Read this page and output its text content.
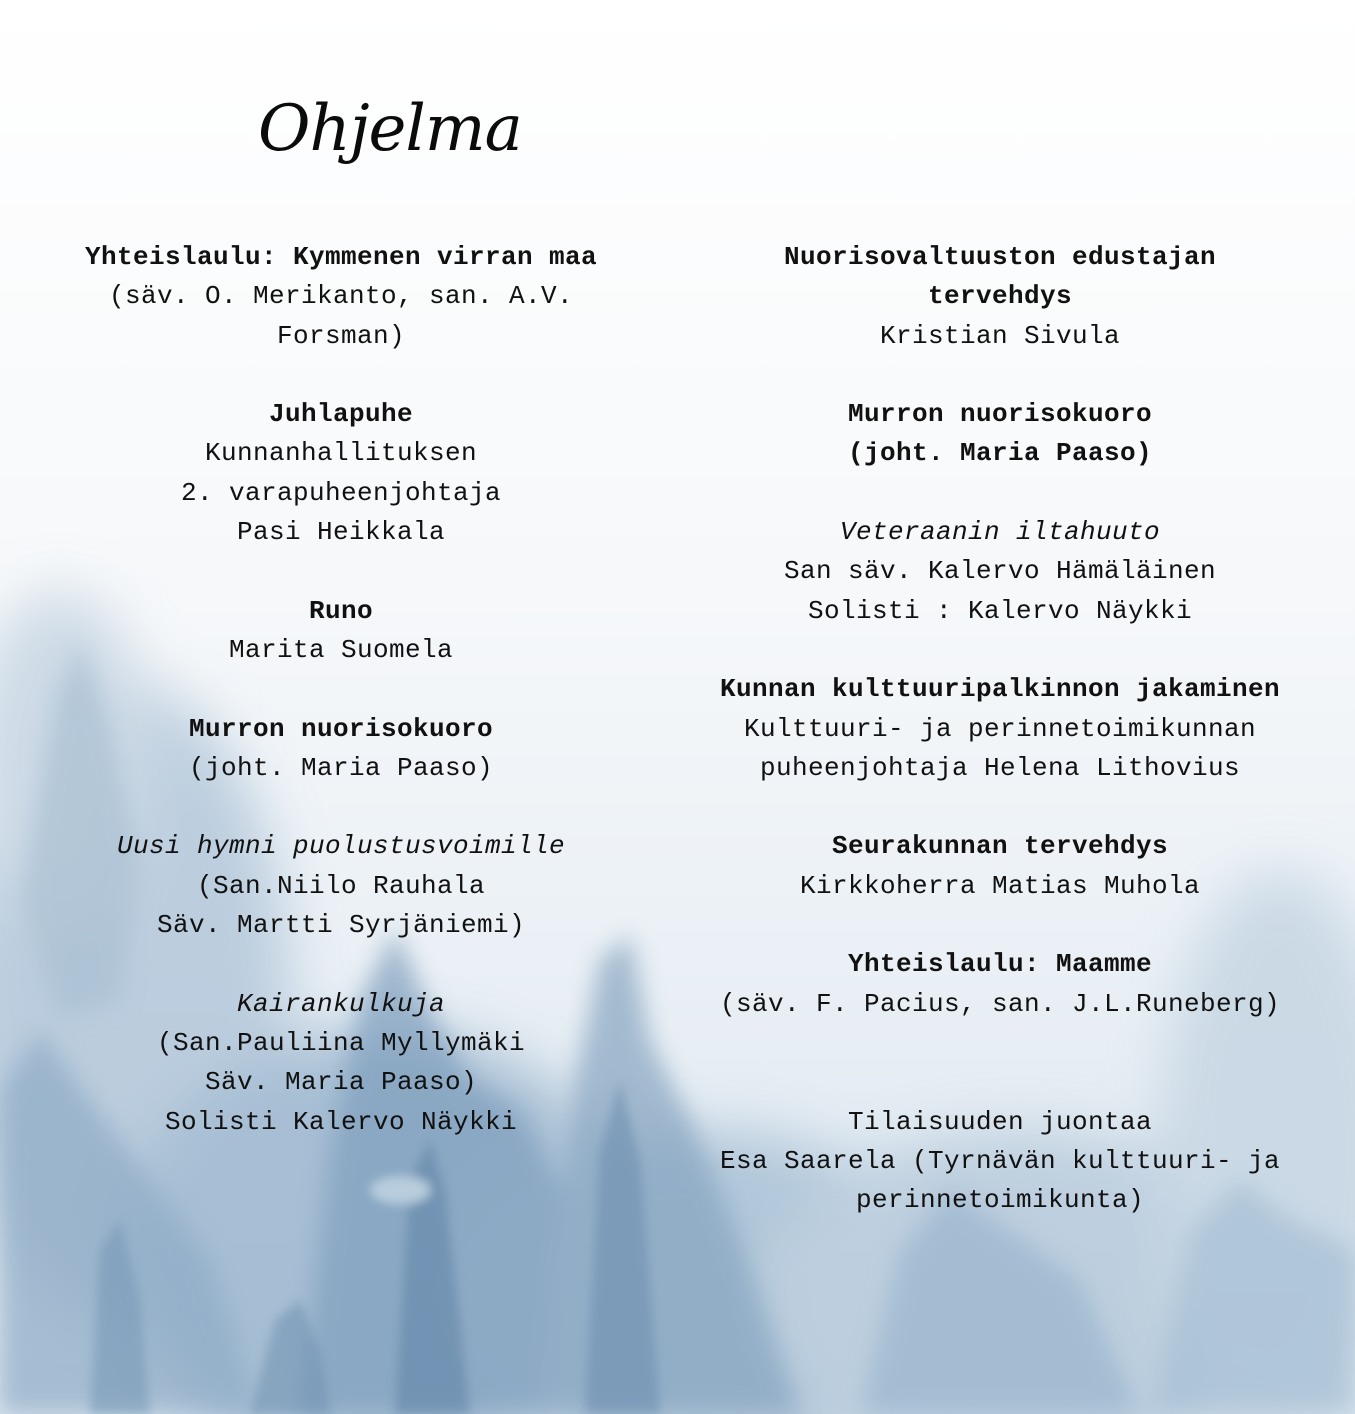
Ohjelma

Yhteislaulu: Kymmenen virran maa

(säv. O. Merikanto, san. A.V.

Forsman)

Juhlapuhe

Kunnanhallituksen

2. varapuheenjohtaja

Pasi Heikkala

Runo

Marita Suomela

Murron nuorisokuoro

(joht. Maria Paaso)

Uusi hymni puolustusvoimille

(San.Niilo Rauhala

Säv. Martti Syrjäniemi)

Kairankulkuja

(San.Pauliina Myllymäki

Säv. Maria Paaso)

Solisti Kalervo Näykki

Nuorisovaltuuston edustajan

tervehdys

Kristian Sivula

Murron nuorisokuoro

(joht. Maria Paaso)

Veteraanin iltahuuto

San säv. Kalervo Hämäläinen

Solisti : Kalervo Näykki

Kunnan kulttuuripalkinnon jakaminen

Kulttuuri- ja perinnetoimikunnan

puheenjohtaja Helena Lithovius

Seurakunnan tervehdys

Kirkkoherra Matias Muhola

Yhteislaulu: Maamme

(säv. F. Pacius, san. J.L.Runeberg)

Tilaisuuden juontaa

Esa Saarela (Tyrnävän kulttuuri- ja

perinnetoimikunta)
